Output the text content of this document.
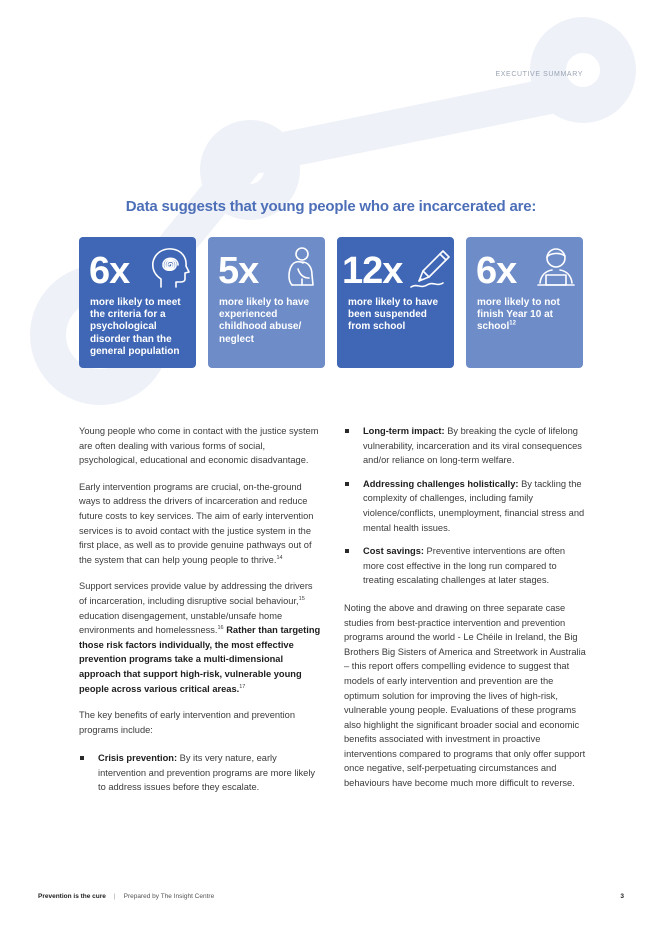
EXECUTIVE SUMMARY
Data suggests that young people who are incarcerated are:
6x
more likely to meet the criteria for a psychological disorder than the general population
5x
more likely to have experienced childhood abuse/ neglect
12x
more likely to have been suspended from school
6x
more likely to not finish Year 10 at school$^{12}$

Young people who come in contact with the justice system are often dealing with various forms of social, psychological, educational and economic disadvantage.

Early intervention programs are crucial, on-the-ground ways to address the drivers of incarceration and reduce future costs to key services. The aim of early intervention services is to avoid contact with the justice system in the first place, as well as to provide genuine pathways out of the system that can help young people to thrive.$^{14}$

Support services provide value by addressing the drivers of incarceration, including disruptive social behaviour,$^{15}$ education disengagement, unstable/unsafe home environments and homelessness.$^{16}$ Rather than targeting those risk factors individually, the most effective prevention programs take a multi-dimensional approach that support high-risk, vulnerable young people across various critical areas.$^{17}$

The key benefits of early intervention and prevention programs include:

Crisis prevention: By its very nature, early intervention and prevention programs are more likely to address issues before they escalate.
Long-term impact: By breaking the cycle of lifelong vulnerability, incarceration and its viral consequences and/or reliance on long-term welfare.
Addressing challenges holistically: By tackling the complexity of challenges, including family violence/conflicts, unemployment, financial stress and mental health issues.
Cost savings: Preventive interventions are often more cost effective in the long run compared to treating escalating challenges at later stages.

Noting the above and drawing on three separate case studies from best-practice intervention and prevention programs around the world - Le Chéile in Ireland, the Big Brothers Big Sisters of America and Streetwork in Australia – this report offers compelling evidence to suggest that models of early intervention and prevention are the optimum solution for improving the lives of high-risk, vulnerable young people. Evaluations of these programs also highlight the significant broader social and economic benefits associated with investment in proactive interventions compared to programs that only offer support once negative, self-perpetuating circumstances and behaviours have become much more difficult to reverse.

Prevention is the cure | Prepared by The Insight Centre	3
